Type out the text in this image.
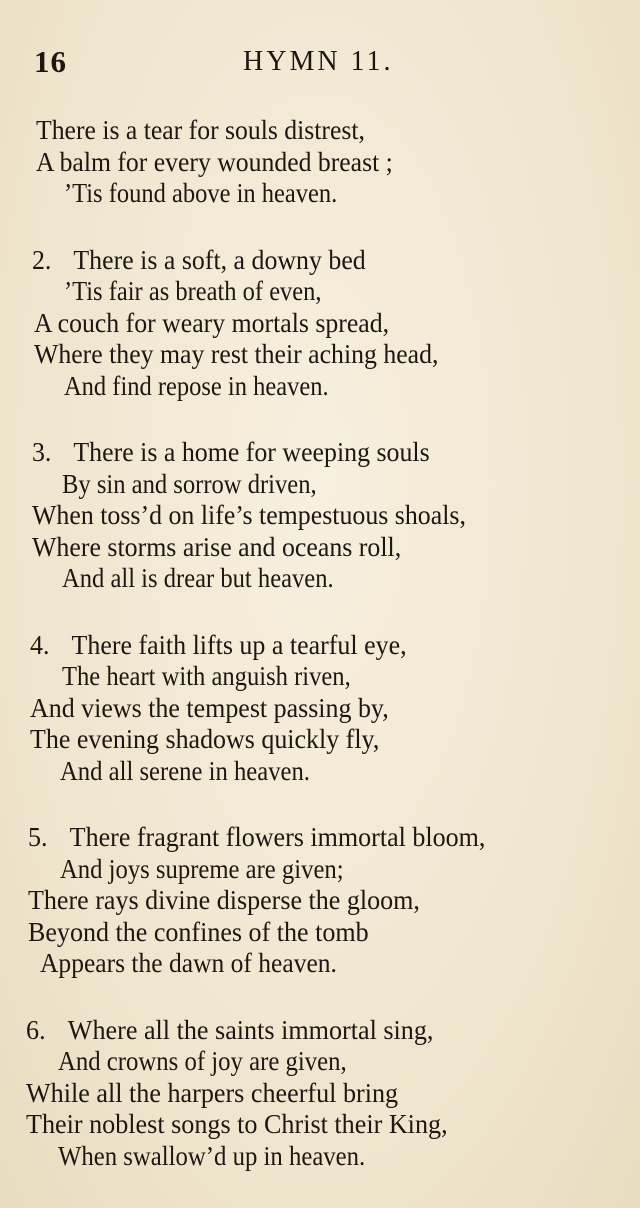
16	HYMN 11.
There is a tear for souls distrest,
A balm for every wounded breast ;
’Tis found above in heaven.
2. There is a soft, a downy bed
’Tis fair as breath of even,
A couch for weary mortals spread,
Where they may rest their aching head,
And find repose in heaven.
3. There is a home for weeping souls
By sin and sorrow driven,
When toss’d on life’s tempestuous shoals,
Where storms arise and oceans roll,
And all is drear but heaven.
4. There faith lifts up a tearful eye,
The heart with anguish riven,
And views the tempest passing by,
The evening shadows quickly fly,
And all serene in heaven.
5. There fragrant flowers immortal bloom,
And joys supreme are given;
There rays divine disperse the gloom,
Beyond the confines of the tomb
Appears the dawn of heaven.
6. Where all the saints immortal sing,
And crowns of joy are given,
While all the harpers cheerful bring
Their noblest songs to Christ their King,
When swallow’d up in heaven.
